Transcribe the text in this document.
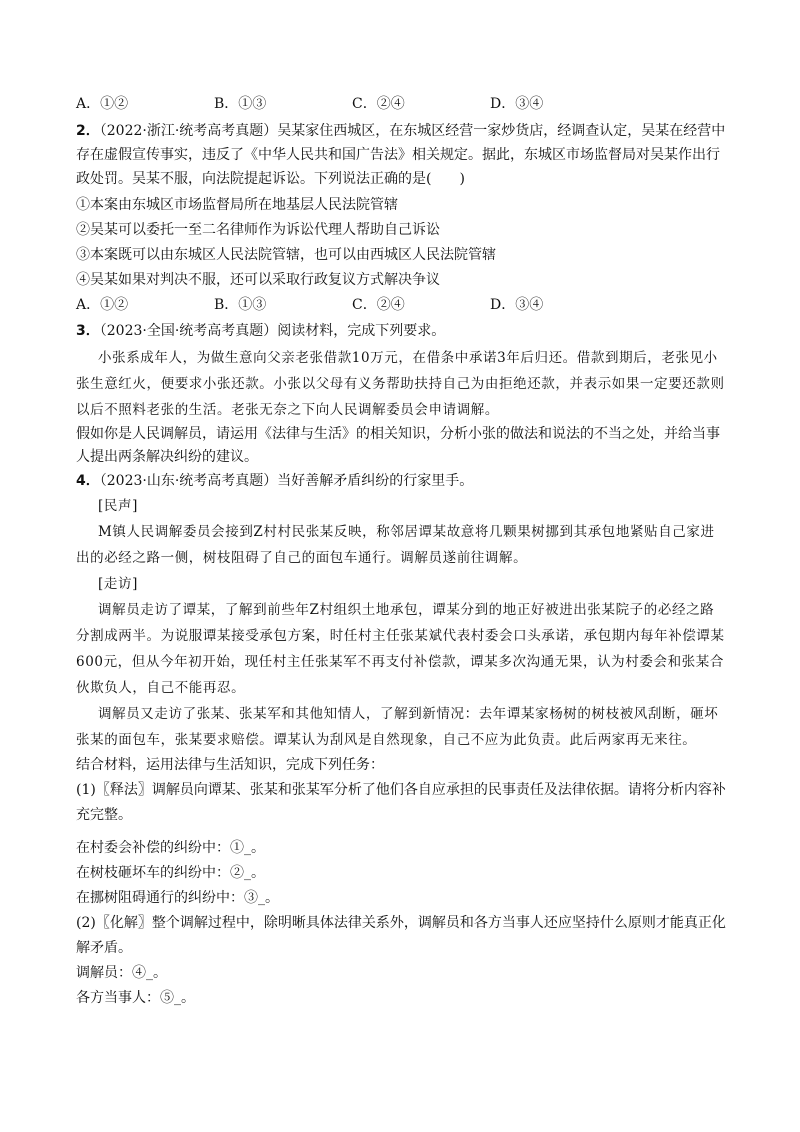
A．①②	B．①③	C．②④	D．③④
2．（2022·浙江·统考高考真题）吴某家住西城区，在东城区经营一家炒货店，经调查认定，吴某在经营中
存在虚假宣传事实，违反了《中华人民共和国广告法》相关规定。据此，东城区市场监督局对吴某作出行
政处罚。吴某不服，向法院提起诉讼。下列说法正确的是(　　)
①本案由东城区市场监督局所在地基层人民法院管辖
②吴某可以委托一至二名律师作为诉讼代理人帮助自己诉讼
③本案既可以由东城区人民法院管辖，也可以由西城区人民法院管辖
④吴某如果对判决不服，还可以采取行政复议方式解决争议
A．①②	B．①③	C．②④	D．③④
3．（2023·全国·统考高考真题）阅读材料，完成下列要求。
小张系成年人，为做生意向父亲老张借款10万元，在借条中承诺3年后归还。借款到期后，老张见小
张生意红火，便要求小张还款。小张以父母有义务帮助扶持自己为由拒绝还款，并表示如果一定要还款则
以后不照料老张的生活。老张无奈之下向人民调解委员会申请调解。
假如你是人民调解员，请运用《法律与生活》的相关知识，分析小张的做法和说法的不当之处，并给当事
人提出两条解决纠纷的建议。
4．（2023·山东·统考高考真题）当好善解矛盾纠纷的行家里手。
[民声]
M镇人民调解委员会接到Z村村民张某反映，称邻居谭某故意将几颗果树挪到其承包地紧贴自己家进
出的必经之路一侧，树枝阻碍了自己的面包车通行。调解员遂前往调解。
[走访]
调解员走访了谭某，了解到前些年Z村组织土地承包，谭某分到的地正好被进出张某院子的必经之路
分割成两半。为说服谭某接受承包方案，时任村主任张某斌代表村委会口头承诺，承包期内每年补偿谭某
600元，但从今年初开始，现任村主任张某军不再支付补偿款，谭某多次沟通无果，认为村委会和张某合
伙欺负人，自己不能再忍。
调解员又走访了张某、张某军和其他知情人，了解到新情况：去年谭某家杨树的树枝被风刮断，砸坏
张某的面包车，张某要求赔偿。谭某认为刮风是自然现象，自己不应为此负责。此后两家再无来往。
结合材料，运用法律与生活知识，完成下列任务：
(1)〖释法〗调解员向谭某、张某和张某军分析了他们各自应承担的民事责任及法律依据。请将分析内容补
充完整。
在村委会补偿的纠纷中：①_。
在树枝砸坏车的纠纷中：②_。
在挪树阻碍通行的纠纷中：③_。
(2)〖化解〗整个调解过程中，除明晰具体法律关系外，调解员和各方当事人还应坚持什么原则才能真正化
解矛盾。
调解员：④_。
各方当事人：⑤_。
